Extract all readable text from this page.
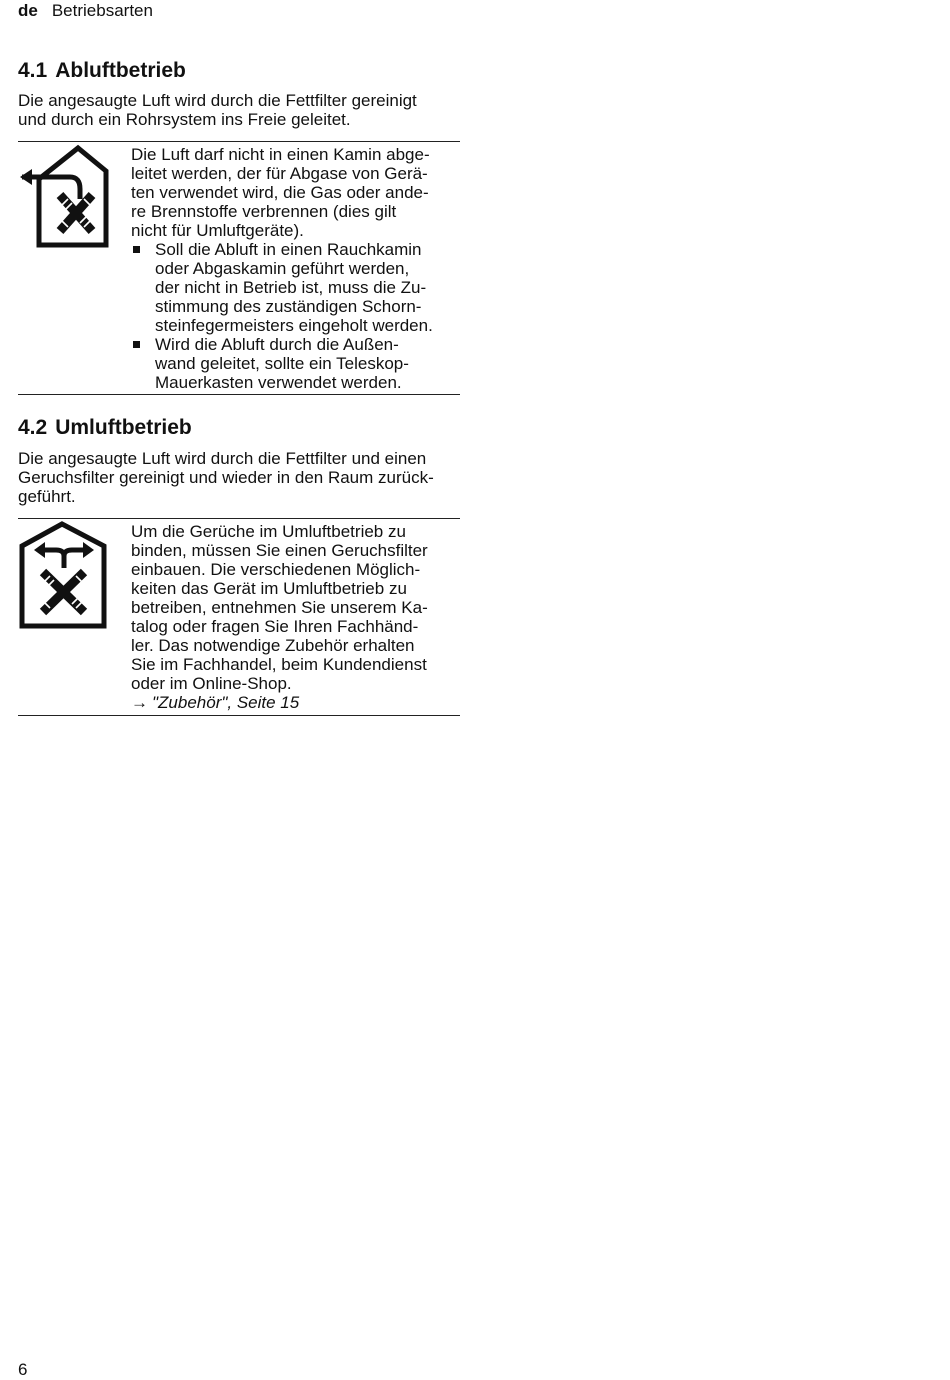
de Betriebsarten
4.1 Abluftbetrieb

Die angesaugte Luft wird durch die Fettfilter gereinigt
und durch ein Rohrsystem ins Freie geleitet.

Die Luft darf nicht in einen Kamin abge-
leitet werden, der für Abgase von Gerä-
ten verwendet wird, die Gas oder ande-
re Brennstoffe verbrennen (dies gilt
nicht für Umluftgeräte).

Soll die Abluft in einen Rauchkamin
oder Abgaskamin geführt werden,
der nicht in Betrieb ist, muss die Zu-
stimmung des zuständigen Schorn-
steinfegermeisters eingeholt werden.
Wird die Abluft durch die Außen-
wand geleitet, sollte ein Teleskop-
Mauerkasten verwendet werden.
4.2 Umluftbetrieb

Die angesaugte Luft wird durch die Fettfilter und einen
Geruchsfilter gereinigt und wieder in den Raum zurück-
geführt.

Um die Gerüche im Umluftbetrieb zu
binden, müssen Sie einen Geruchsfilter
einbauen. Die verschiedenen Möglich-
keiten das Gerät im Umluftbetrieb zu
betreiben, entnehmen Sie unserem Ka-
talog oder fragen Sie Ihren Fachhänd-
ler. Das notwendige Zubehör erhalten
Sie im Fachhandel, beim Kundendienst
oder im Online-Shop.

→ "Zubehör", Seite 15

6
